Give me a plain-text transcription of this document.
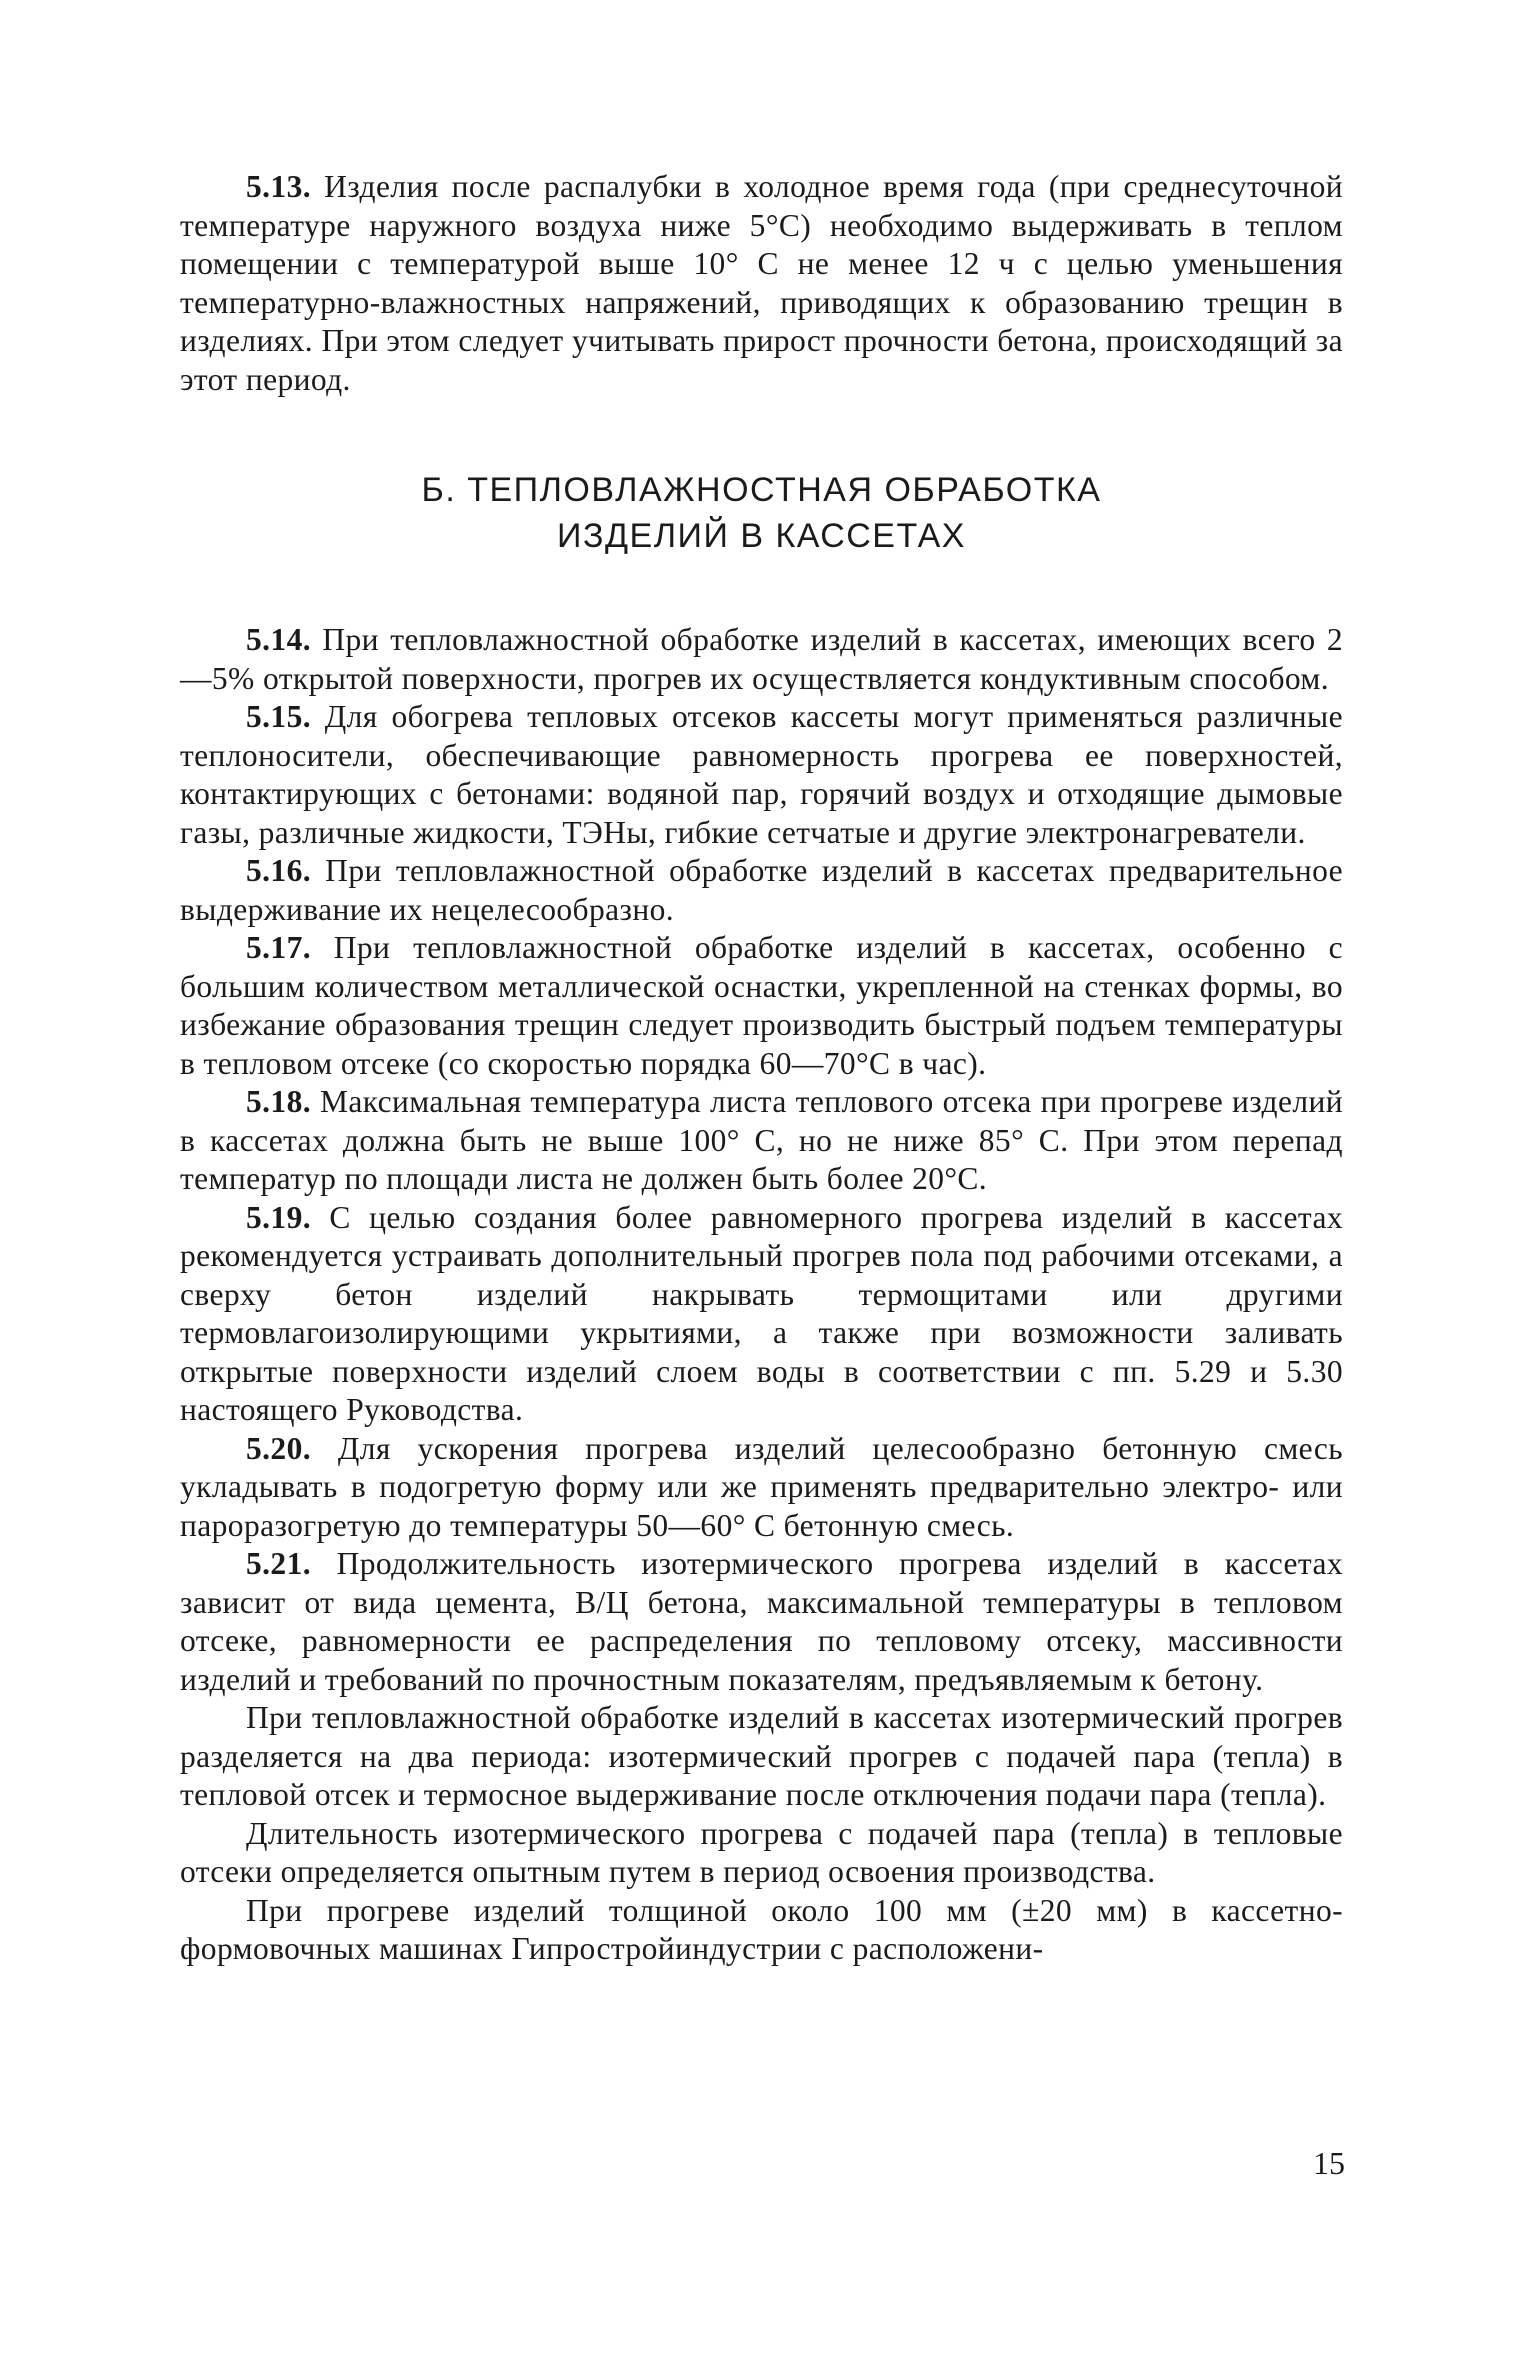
5.13. Изделия после распалубки в холодное время года (при среднесуточной температуре наружного воздуха ниже 5°C) необходимо выдерживать в теплом помещении с температурой выше 10° C не менее 12 ч с целью уменьшения температурно-влажностных напряжений, приводящих к образованию трещин в изделиях. При этом следует учитывать прирост прочности бетона, происходящий за этот период.

Б. ТЕПЛОВЛАЖНОСТНАЯ ОБРАБОТКА
ИЗДЕЛИЙ В КАССЕТАХ

5.14. При тепловлажностной обработке изделий в кассетах, имеющих всего 2—5% открытой поверхности, прогрев их осуществляется кондуктивным способом.

5.15. Для обогрева тепловых отсеков кассеты могут применяться различные теплоносители, обеспечивающие равномерность прогрева ее поверхностей, контактирующих с бетонами: водяной пар, горячий воздух и отходящие дымовые газы, различные жидкости, ТЭНы, гибкие сетчатые и другие электронагреватели.

5.16. При тепловлажностной обработке изделий в кассетах предварительное выдерживание их нецелесообразно.

5.17. При тепловлажностной обработке изделий в кассетах, особенно с большим количеством металлической оснастки, укрепленной на стенках формы, во избежание образования трещин следует производить быстрый подъем температуры в тепловом отсеке (со скоростью порядка 60—70°C в час).

5.18. Максимальная температура листа теплового отсека при прогреве изделий в кассетах должна быть не выше 100° C, но не ниже 85° C. При этом перепад температур по площади листа не должен быть более 20°C.

5.19. С целью создания более равномерного прогрева изделий в кассетах рекомендуется устраивать дополнительный прогрев пола под рабочими отсеками, а сверху бетон изделий накрывать термощитами или другими термовлагоизолирующими укрытиями, а также при возможности заливать открытые поверхности изделий слоем воды в соответствии с пп. 5.29 и 5.30 настоящего Руководства.

5.20. Для ускорения прогрева изделий целесообразно бетонную смесь укладывать в подогретую форму или же применять предварительно электро- или пароразогретую до температуры 50—60° C бетонную смесь.

5.21. Продолжительность изотермического прогрева изделий в кассетах зависит от вида цемента, В/Ц бетона, максимальной температуры в тепловом отсеке, равномерности ее распределения по тепловому отсеку, массивности изделий и требований по прочностным показателям, предъявляемым к бетону.

При тепловлажностной обработке изделий в кассетах изотермический прогрев разделяется на два периода: изотермический прогрев с подачей пара (тепла) в тепловой отсек и термосное выдерживание после отключения подачи пара (тепла).

Длительность изотермического прогрева с подачей пара (тепла) в тепловые отсеки определяется опытным путем в период освоения производства.

При прогреве изделий толщиной около 100 мм (±20 мм) в кассетно-формовочных машинах Гипростройиндустрии с расположени-

15
